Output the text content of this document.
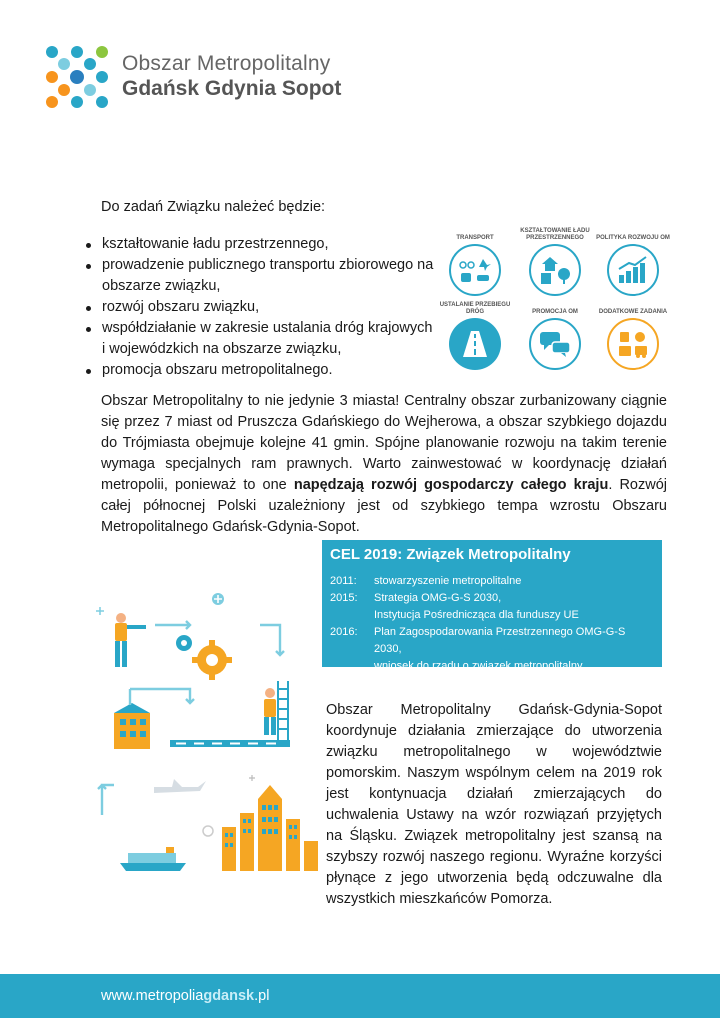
Obszar Metropolitalny
Gdańsk Gdynia Sopot
Do zadań Związku należeć będzie:
kształtowanie ładu przestrzennego,
prowadzenie publicznego transportu zbiorowego na obszarze związku,
rozwój obszaru związku,
współdziałanie w zakresie ustalania dróg krajowych i wojewódzkich na obszarze związku,
promocja obszaru metropolitalnego.
TRANSPORT
KSZTAŁTOWANIE ŁADU PRZESTRZENNEGO	POLITYKA ROZWOJU OM
USTALANIE PRZEBIEGU DRÓG	PROMOCJA OM	DODATKOWE ZADANIA

Obszar Metropolitalny to nie jedynie 3 miasta! Centralny obszar zurbanizowany ciągnie się przez 7 miast od Pruszcza Gdańskiego do Wejherowa, a obszar szybkiego dojazdu do Trójmiasta obejmuje kolejne 41 gmin. Spójne planowanie rozwoju na takim terenie wymaga specjalnych ram prawnych. Warto zainwestować w koordynację działań metropolii, ponieważ to one napędzają rozwój gospodarczy całego kraju. Rozwój całej północnej Polski uzależniony jest od szybkiego tempa wzrostu Obszaru Metropolitalnego Gdańsk-Gdynia-Sopot.

CEL 2019: Związek Metropolitalny
2011:	stowarzyszenie metropolitalne
2015:	Strategia OMG-G-S 2030,
Instytucja Pośrednicząca dla funduszy UE
2016:	Plan Zagospodarowania Przestrzennego OMG-G-S 2030,
wniosek do rządu o związek metropolitalny

Obszar Metropolitalny Gdańsk-Gdynia-Sopot koordynuje działania zmierzające do utworzenia związku metropolitalnego w województwie pomorskim. Naszym wspólnym celem na 2019 rok jest kontynuacja działań zmierzających do uchwalenia Ustawy na wzór rozwiązań przyjętych na Śląsku. Związek metropolitalny jest szansą na szybszy rozwój naszego regionu. Wyraźne korzyści płynące z jego utworzenia będą odczuwalne dla wszystkich mieszkańców Pomorza.

www.metropoliagdansk.pl
